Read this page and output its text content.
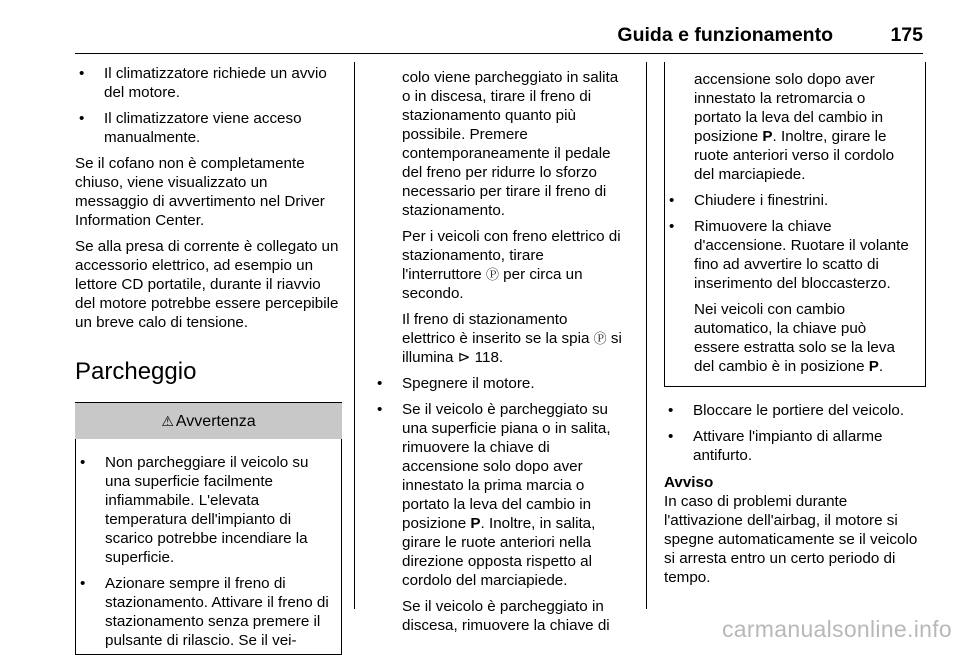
Guida e funzionamento	175
• Il climatizzatore richiede un avvio del motore.
• Il climatizzatore viene acceso manualmente.

Se il cofano non è completamente chiuso, viene visualizzato un messaggio di avvertimento nel Driver Information Center.

Se alla presa di corrente è collegato un accessorio elettrico, ad esempio un lettore CD portatile, durante il riavvio del motore potrebbe essere percepibile un breve calo di tensione.

Parcheggio
⚠ Avvertenza
• Non parcheggiare il veicolo su una superficie facilmente infiammabile. L'elevata temperatura dell'impianto di scarico potrebbe incendiare la superficie.
• Azionare sempre il freno di stazionamento. Attivare il freno di stazionamento senza premere il pulsante di rilascio. Se il vei-

colo viene parcheggiato in salita o in discesa, tirare il freno di stazionamento quanto più possibile. Premere contemporaneamente il pedale del freno per ridurre lo sforzo necessario per tirare il freno di stazionamento.

Per i veicoli con freno elettrico di stazionamento, tirare l'interruttore Ⓟ per circa un secondo.

Il freno di stazionamento elettrico è inserito se la spia Ⓟ si illumina ⊳ 118.

• Spegnere il motore.
• Se il veicolo è parcheggiato su una superficie piana o in salita, rimuovere la chiave di accensione solo dopo aver innestato la prima marcia o portato la leva del cambio in posizione P. Inoltre, in salita, girare le ruote anteriori nella direzione opposta rispetto al cordolo del marciapiede.

Se il veicolo è parcheggiato in discesa, rimuovere la chiave di

accensione solo dopo aver innestato la retromarcia o portato la leva del cambio in posizione P. Inoltre, girare le ruote anteriori verso il cordolo del marciapiede.

• Chiudere i finestrini.
• Rimuovere la chiave d'accensione. Ruotare il volante fino ad avvertire lo scatto di inserimento del bloccasterzo.

Nei veicoli con cambio automatico, la chiave può essere estratta solo se la leva del cambio è in posizione P.

• Bloccare le portiere del veicolo.
• Attivare l'impianto di allarme antifurto.

Avviso

In caso di problemi durante l'attivazione dell'airbag, il motore si spegne automaticamente se il veicolo si arresta entro un certo periodo di tempo.

carmanualsonline.info
